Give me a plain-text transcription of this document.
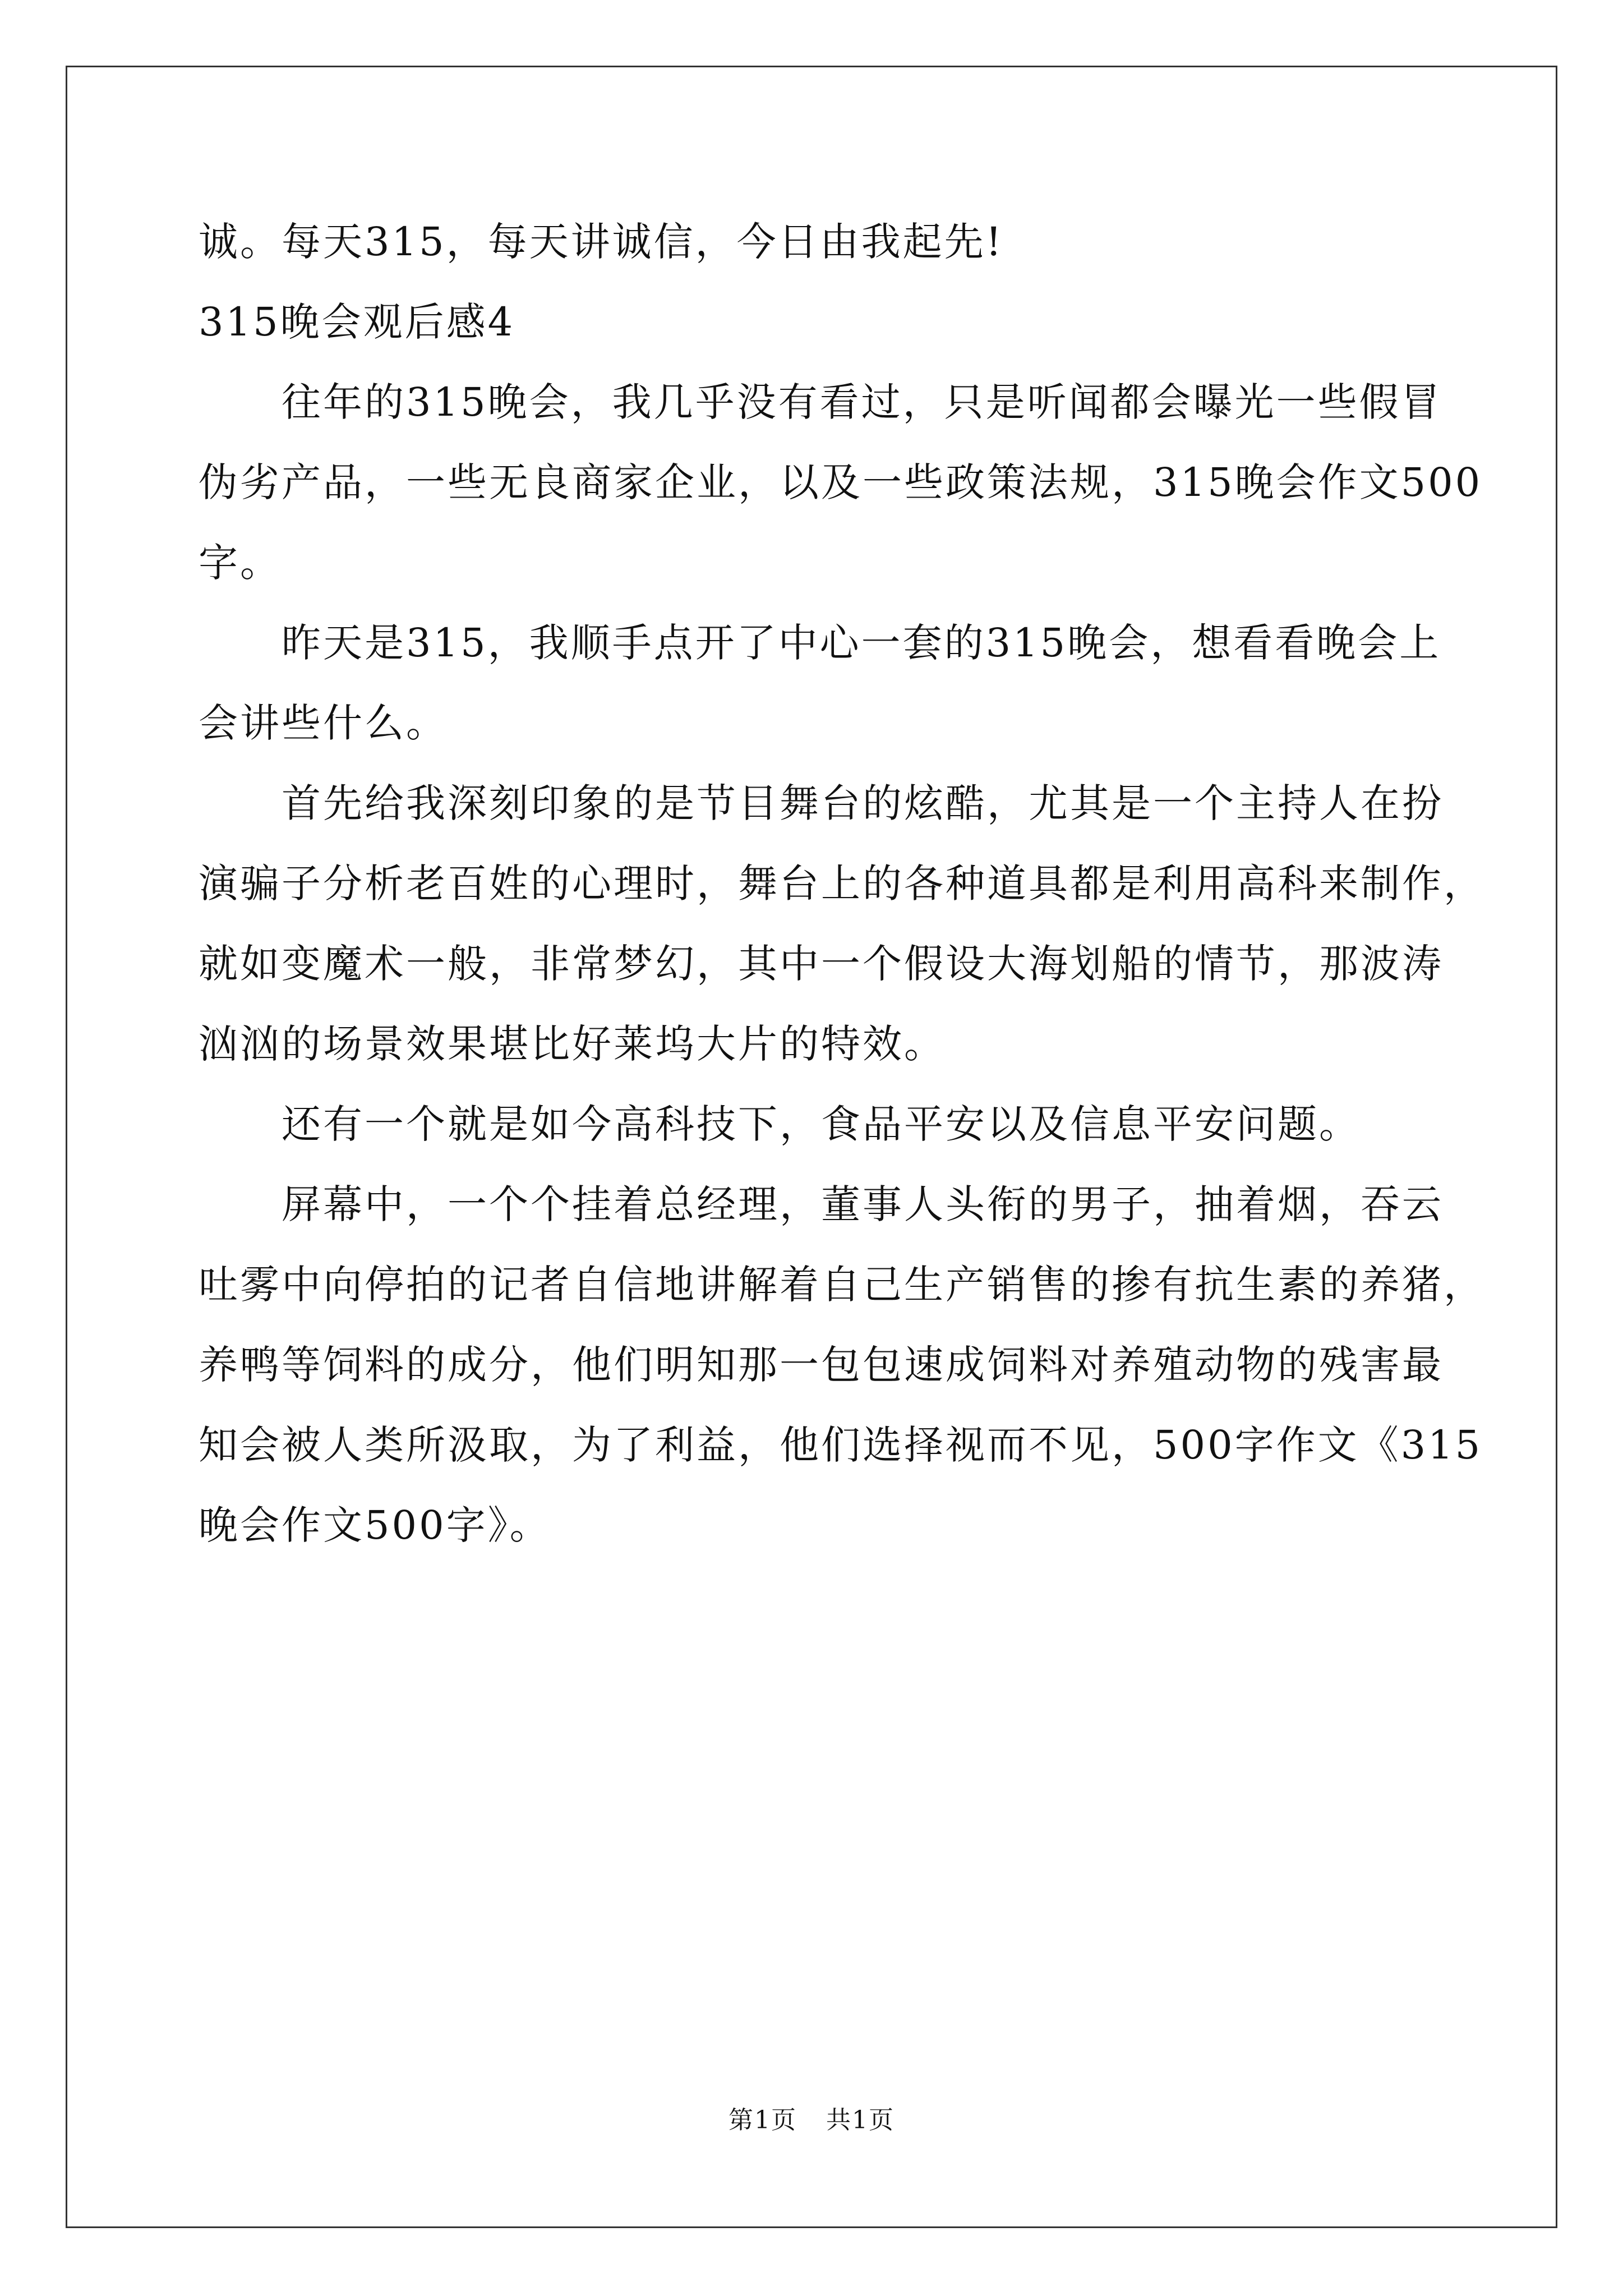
诚。每天315，每天讲诚信，今日由我起先!
315晚会观后感4
往年的315晚会，我几乎没有看过，只是听闻都会曝光一些假冒
伪劣产品，一些无良商家企业，以及一些政策法规，315晚会作文500
字。
昨天是315，我顺手点开了中心一套的315晚会，想看看晚会上
会讲些什么。
首先给我深刻印象的是节目舞台的炫酷，尤其是一个主持人在扮
演骗子分析老百姓的心理时，舞台上的各种道具都是利用高科来制作，
就如变魔术一般，非常梦幻，其中一个假设大海划船的情节，那波涛
汹汹的场景效果堪比好莱坞大片的特效。
还有一个就是如今高科技下，食品平安以及信息平安问题。
屏幕中，一个个挂着总经理，董事人头衔的男子，抽着烟，吞云
吐雾中向停拍的记者自信地讲解着自己生产销售的掺有抗生素的养猪，
养鸭等饲料的成分，他们明知那一包包速成饲料对养殖动物的残害最
知会被人类所汲取，为了利益，他们选择视而不见，500字作文《315
晚会作文500字》。
第1页 共1页
